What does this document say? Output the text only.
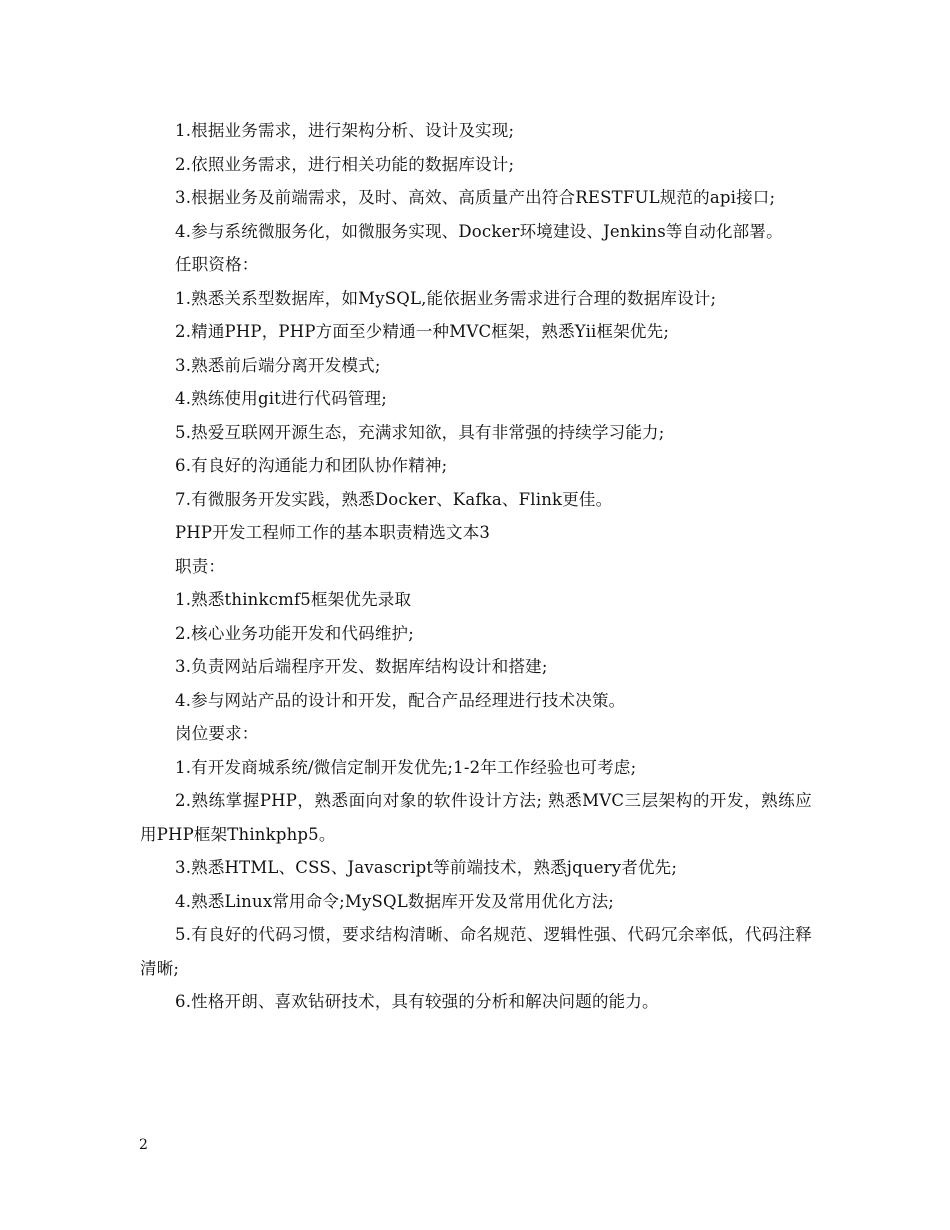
1.根据业务需求，进行架构分析、设计及实现;

2.依照业务需求，进行相关功能的数据库设计;

3.根据业务及前端需求，及时、高效、高质量产出符合RESTFUL规范的api接口;

4.参与系统微服务化，如微服务实现、Docker环境建设、Jenkins等自动化部署。

任职资格：

1.熟悉关系型数据库，如MySQL,能依据业务需求进行合理的数据库设计;

2.精通PHP，PHP方面至少精通一种MVC框架，熟悉Yii框架优先;

3.熟悉前后端分离开发模式;

4.熟练使用git进行代码管理;

5.热爱互联网开源生态，充满求知欲，具有非常强的持续学习能力;

6.有良好的沟通能力和团队协作精神;

7.有微服务开发实践，熟悉Docker、Kafka、Flink更佳。

PHP开发工程师工作的基本职责精选文本3

职责：

1.熟悉thinkcmf5框架优先录取

2.核心业务功能开发和代码维护;

3.负责网站后端程序开发、数据库结构设计和搭建;

4.参与网站产品的设计和开发，配合产品经理进行技术决策。

岗位要求：

1.有开发商城系统/微信定制开发优先;1-2年工作经验也可考虑;

2.熟练掌握PHP，熟悉面向对象的软件设计方法; 熟悉MVC三层架构的开发，熟练应用PHP框架Thinkphp5。

3.熟悉HTML、CSS、Javascript等前端技术，熟悉jquery者优先;

4.熟悉Linux常用命令;MySQL数据库开发及常用优化方法;

5.有良好的代码习惯，要求结构清晰、命名规范、逻辑性强、代码冗余率低，代码注释清晰;

6.性格开朗、喜欢钻研技术，具有较强的分析和解决问题的能力。

2
